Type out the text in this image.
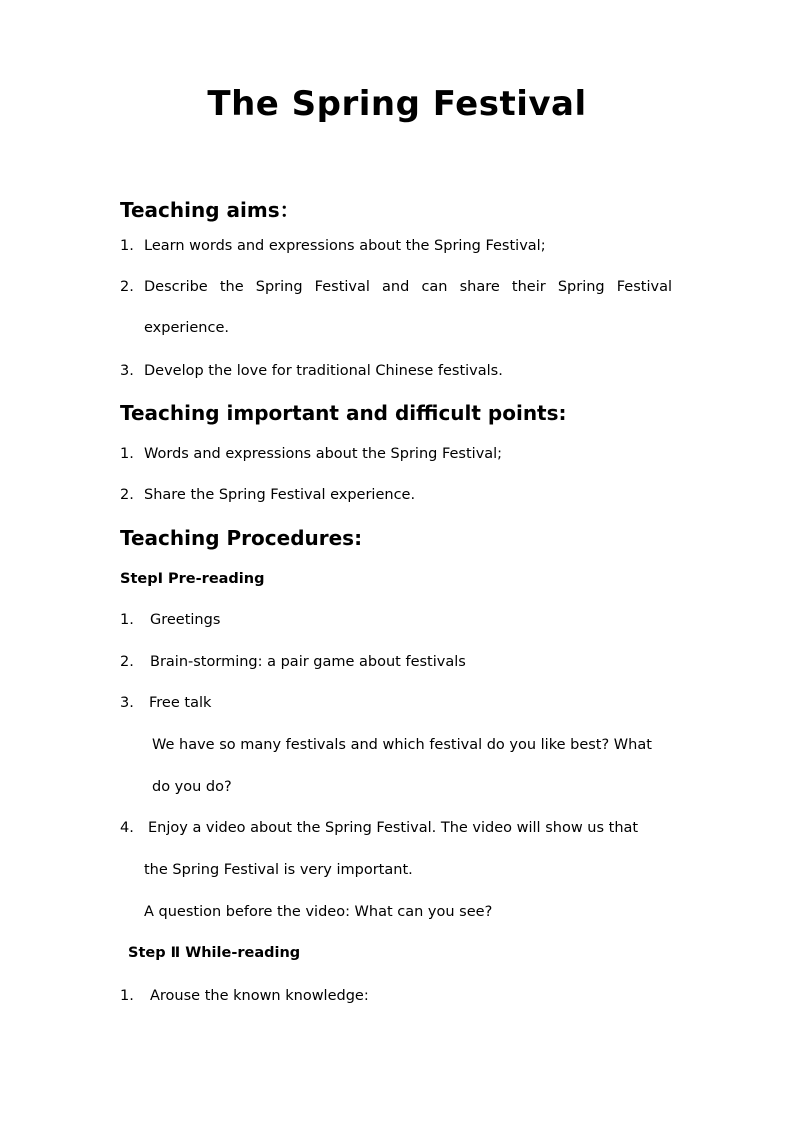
The Spring Festival
Teaching aims：
1. Learn words and expressions about the Spring Festival;
2. Describe the Spring Festival and can share their Spring Festival
experience.
3. Develop the love for traditional Chinese festivals.
Teaching important and difficult points:
1. Words and expressions about the Spring Festival;
2. Share the Spring Festival experience.
Teaching Procedures:
StepⅠ Pre-reading
1. Greetings
2. Brain-storming: a pair game about festivals
3. Free talk
We have so many festivals and which festival do you like best? What
do you do?
4. Enjoy a video about the Spring Festival. The video will show us that
the Spring Festival is very important.
A question before the video: What can you see?
Step Ⅱ While-reading
1. Arouse the known knowledge:
